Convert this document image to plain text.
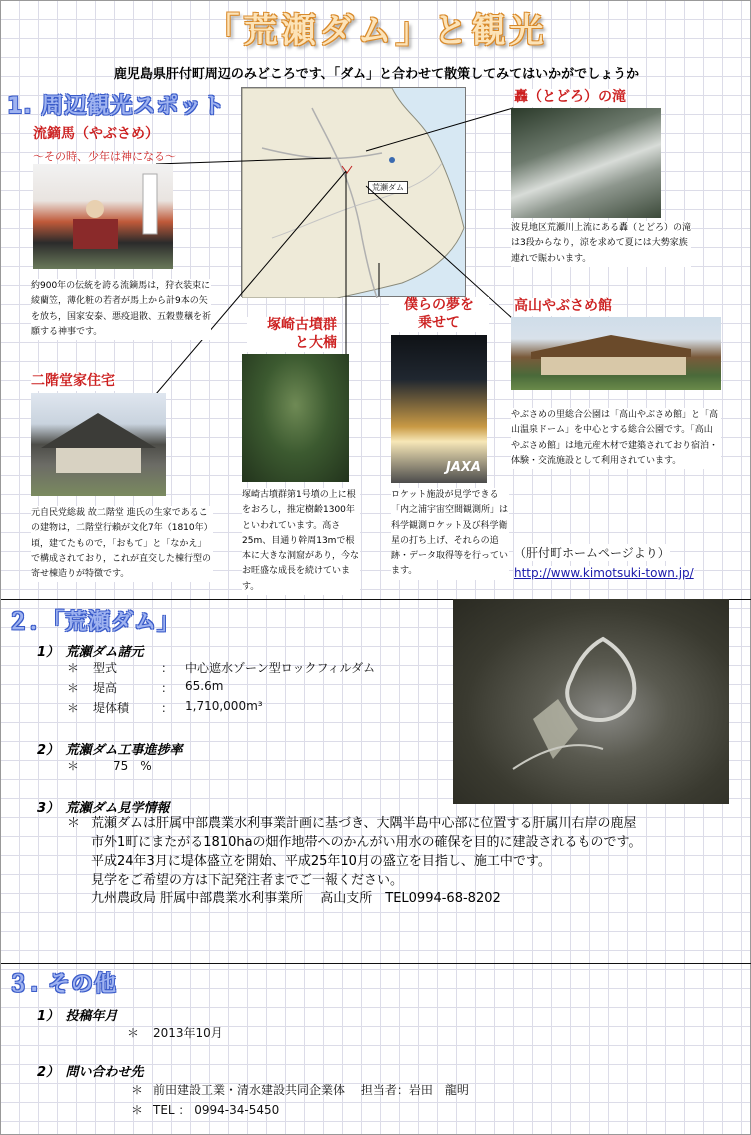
「荒瀬ダム」と観光
鹿児島県肝付町周辺のみどころです、「ダム」と合わせて散策してみてはいかがでしょうか
1. 周辺観光スポット
荒瀬ダム
流鏑馬（やぶさめ）
～その時、少年は神になる～
約900年の伝統を誇る流鏑馬は，狩衣装束に綾藺笠，薄化粧の若者が馬上から計9本の矢を放ち，国家安泰、悪疫退散、五穀豊穣を祈願する神事です。
二階堂家住宅
元自民党総裁 故二階堂 進氏の生家であるこの建物は，二階堂行賴が文化7年（1810年）頃，建てたもので，「おもて」と「なかえ」で構成されており，これが直交した棟行型の寄せ棟造りが特徴です。
塚崎古墳群
と大楠
塚崎古墳群第1号墳の上に根をおろし，推定樹齢1300年といわれています。高さ25m、目通り幹周13mで根本に大きな洞窟があり，今なお旺盛な成長を続けています。
僕らの夢を
乗せて
JAXA
ロケット施設が見学できる「内之浦宇宙空間観測所」は科学観測ロケット及び科学衛星の打ち上げ、それらの追跡・データ取得等を行っています。
轟（とどろ）の滝
波見地区荒瀬川上流にある轟（とどろ）の滝は3段からなり，涼を求めて夏には大勢家族連れで賑わいます。
高山やぶさめ館
やぶさめの里総合公園は「高山やぶさめ館」と「高山温泉ドーム」を中心とする総合公園です。「高山やぶさめ館」は地元産木材で建築されており宿泊・体験・交流施設として利用されています。
（肝付町ホームページより）
http://www.kimotsuki-town.jp/
２．「荒瀬ダム」
1）　荒瀬ダム諸元
＊ 型式	： 中心遮水ゾーン型ロックフィルダム
＊ 堤高	： 65.6m
＊ 堤体積	： 1,710,000m³
2）　荒瀬ダム工事進捗率
＊	75　%
3）　荒瀬ダム見学情報
＊ 荒瀬ダムは肝属中部農業水利事業計画に基づき、大隅半島中心部に位置する肝属川右岸の鹿屋
市外1町にまたがる1810haの畑作地帯へのかんがい用水の確保を目的に建設されるものです。
平成24年3月に堤体盛立を開始、平成25年10月の盛立を目指し、施工中です。
見学をご希望の方は下記発注者までご一報ください。
九州農政局 肝属中部農業水利事業所　 高山支所　TEL0994-68-8202
３. その他
1）　投稿年月
＊ 2013年10月
2）　問い合わせ先
＊ 前田建設工業・清水建設共同企業体　 担当者：岩田　龍明
＊ TEL ： 0994-34-5450
